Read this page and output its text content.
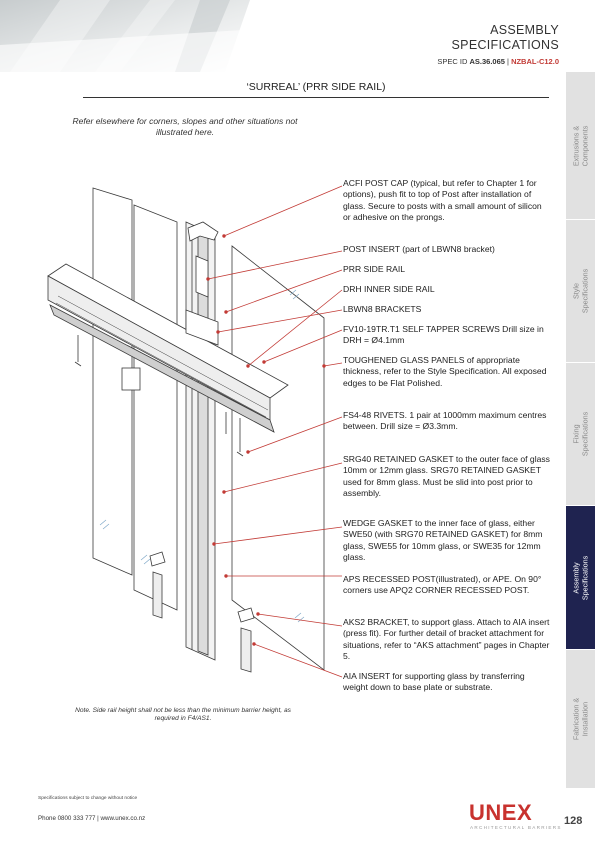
ASSEMBLY
SPECIFICATIONS
SPEC ID AS.36.065 | NZBAL-C12.0
‘SURREAL’ (PRR SIDE RAIL)
Refer elsewhere for corners, slopes and other situations not illustrated here.
ACFI POST CAP (typical, but refer to Chapter 1 for options), push fit to top of Post after installation of glass. Secure to posts with a small amount of silicon or adhesive on the prongs.
POST INSERT (part of LBWN8 bracket)
PRR SIDE RAIL
DRH INNER SIDE RAIL
LBWN8 BRACKETS
FV10-19TR.T1 SELF TAPPER SCREWS Drill size in DRH = Ø4.1mm
TOUGHENED GLASS PANELS of appropriate thickness, refer to the Style Specification. All exposed edges to be Flat Polished.
FS4-48 RIVETS. 1 pair at 1000mm maximum centres between. Drill size = Ø3.3mm.
SRG40 RETAINED GASKET to the outer face of glass 10mm or 12mm glass. SRG70 RETAINED GASKET used for 8mm glass. Must be slid into post prior to assembly.
WEDGE GASKET to the inner face of glass, either SWE50 (with SRG70 RETAINED GASKET) for 8mm glass, SWE55 for 10mm glass, or SWE35 for 12mm glass.
APS RECESSED POST(illustrated), or APE. On 90° corners use APQ2 CORNER RECESSED POST.
AKS2 BRACKET, to support glass. Attach to AIA insert (press fit). For further detail of bracket attachment for situations, refer to “AKS attachment” pages in Chapter 5.
AIA INSERT for supporting glass by transferring weight down to base plate or substrate.
Note. Side rail height shall not be less than the minimum barrier height, as required in F4/AS1.
Extrusions & Components
Style Specifications
Fixing Specifications
Assembly Specifications
Fabrication & Installation
Specifications subject to change without notice
Phone 0800 333 777 | www.unex.co.nz	UNEX
ARCHITECTURAL BARRIERS
128
